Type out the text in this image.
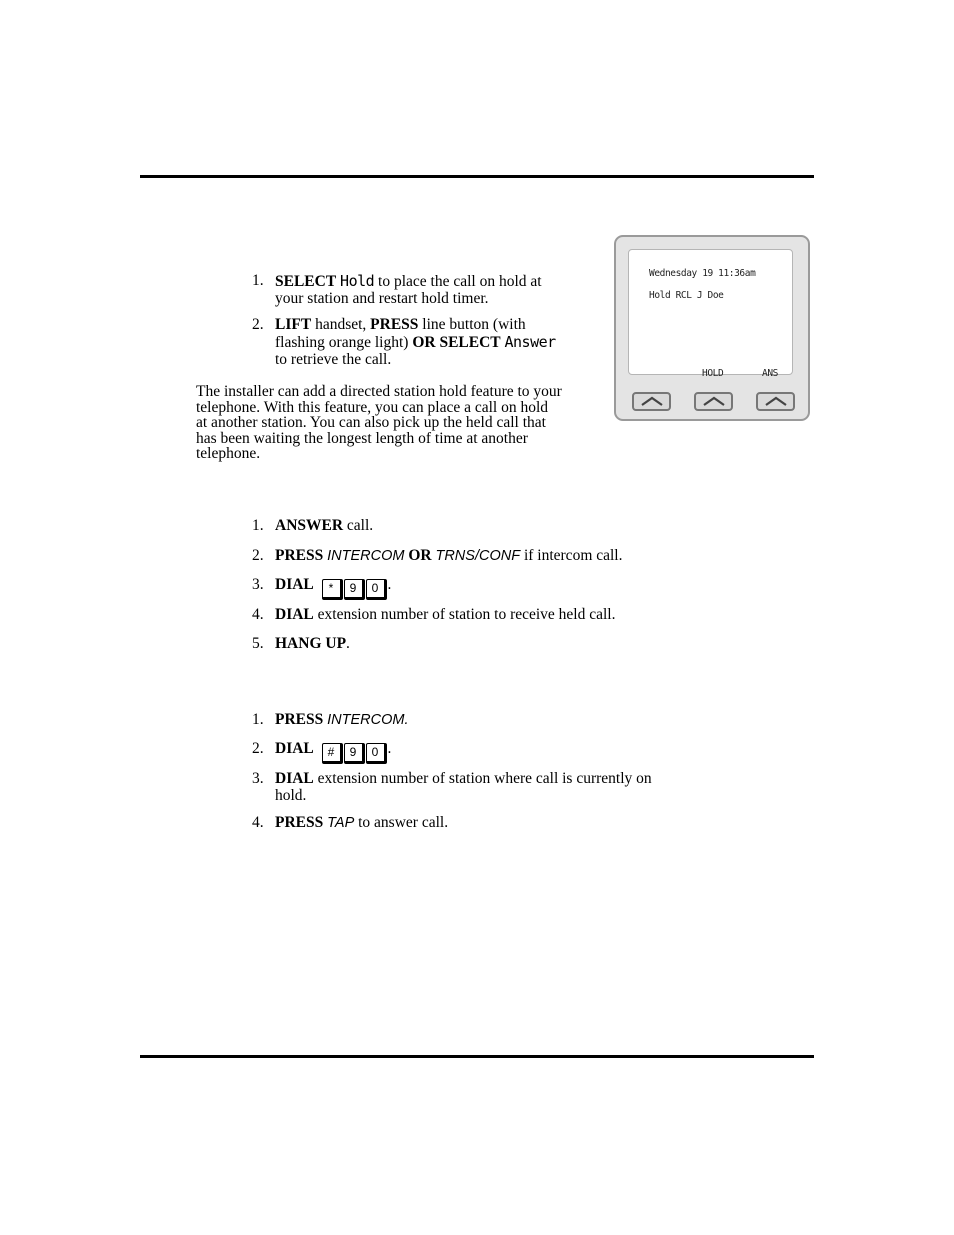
1. SELECT Hold to place the call on hold at
your station and restart hold timer.
2. LIFT handset, PRESS line button (with
flashing orange light) OR SELECT Answer
to retrieve the call.
The installer can add a directed station hold feature to your
telephone. With this feature, you can place a call on hold
at another station. You can also pick up the held call that
has been waiting the longest length of time at another
telephone.
Wednesday 19 11:36am
Hold RCL J Doe
HOLD	ANS
1. ANSWER call.
2. PRESS INTERCOM OR TRNS/CONF if intercom call.
3. DIAL * 9 0 .
4. DIAL extension number of station to receive held call.
5. HANG UP.
1. PRESS INTERCOM.
2. DIAL # 9 0 .
3. DIAL extension number of station where call is currently on
hold.
4. PRESS TAP to answer call.
